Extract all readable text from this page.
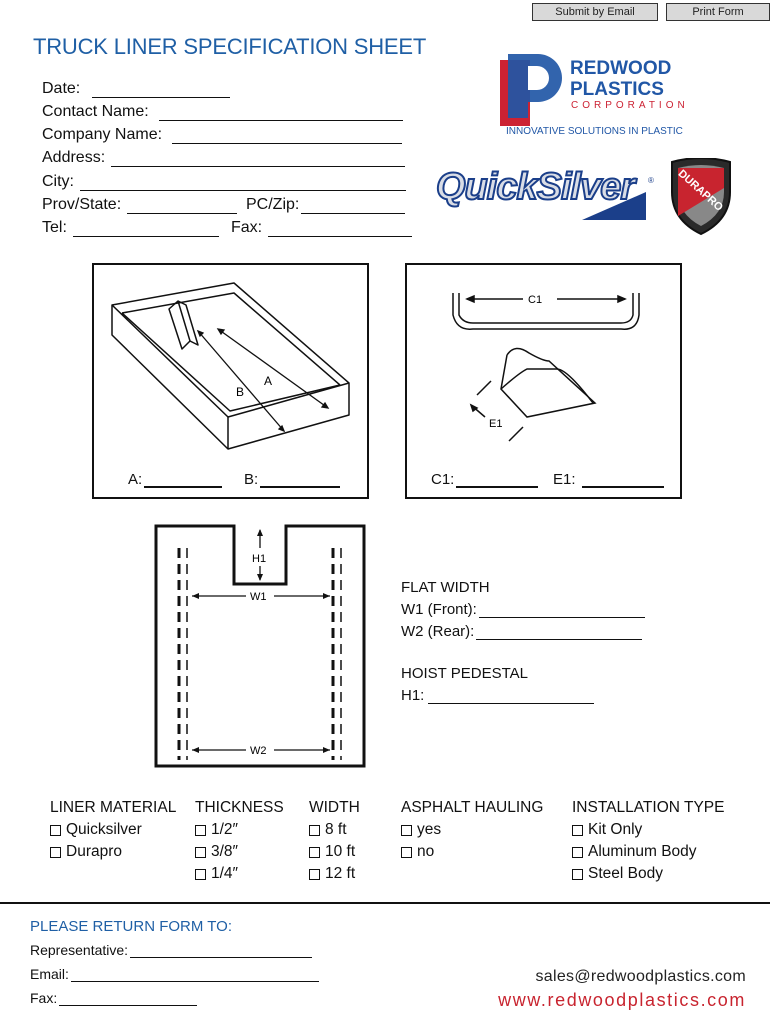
Submit by Email	Print Form
TRUCK LINER SPECIFICATION SHEET
Date:
Contact Name:
Company Name:
Address:
City:
Prov/State:	PC/Zip:
Tel:	Fax:
REDWOOD
PLASTICS
CORPORATION
INNOVATIVE SOLUTIONS IN PLASTIC
QuickSilver ® DURAPRO
A
B
A:	B:
C1
E1
C1:	E1:
H1
W1
W2
FLAT WIDTH
W1 (Front):
W2 (Rear):
HOIST PEDESTAL
H1:
LINER MATERIAL
Quicksilver
Durapro
THICKNESS
1/2″
3/8″
1/4″
WIDTH
8 ft
10 ft
12 ft
ASPHALT HAULING
yes
no
INSTALLATION TYPE
Kit Only
Aluminum Body
Steel Body
PLEASE RETURN FORM TO:
Representative:
Email:
Fax:
sales@redwoodplastics.com
www.redwoodplastics.com
